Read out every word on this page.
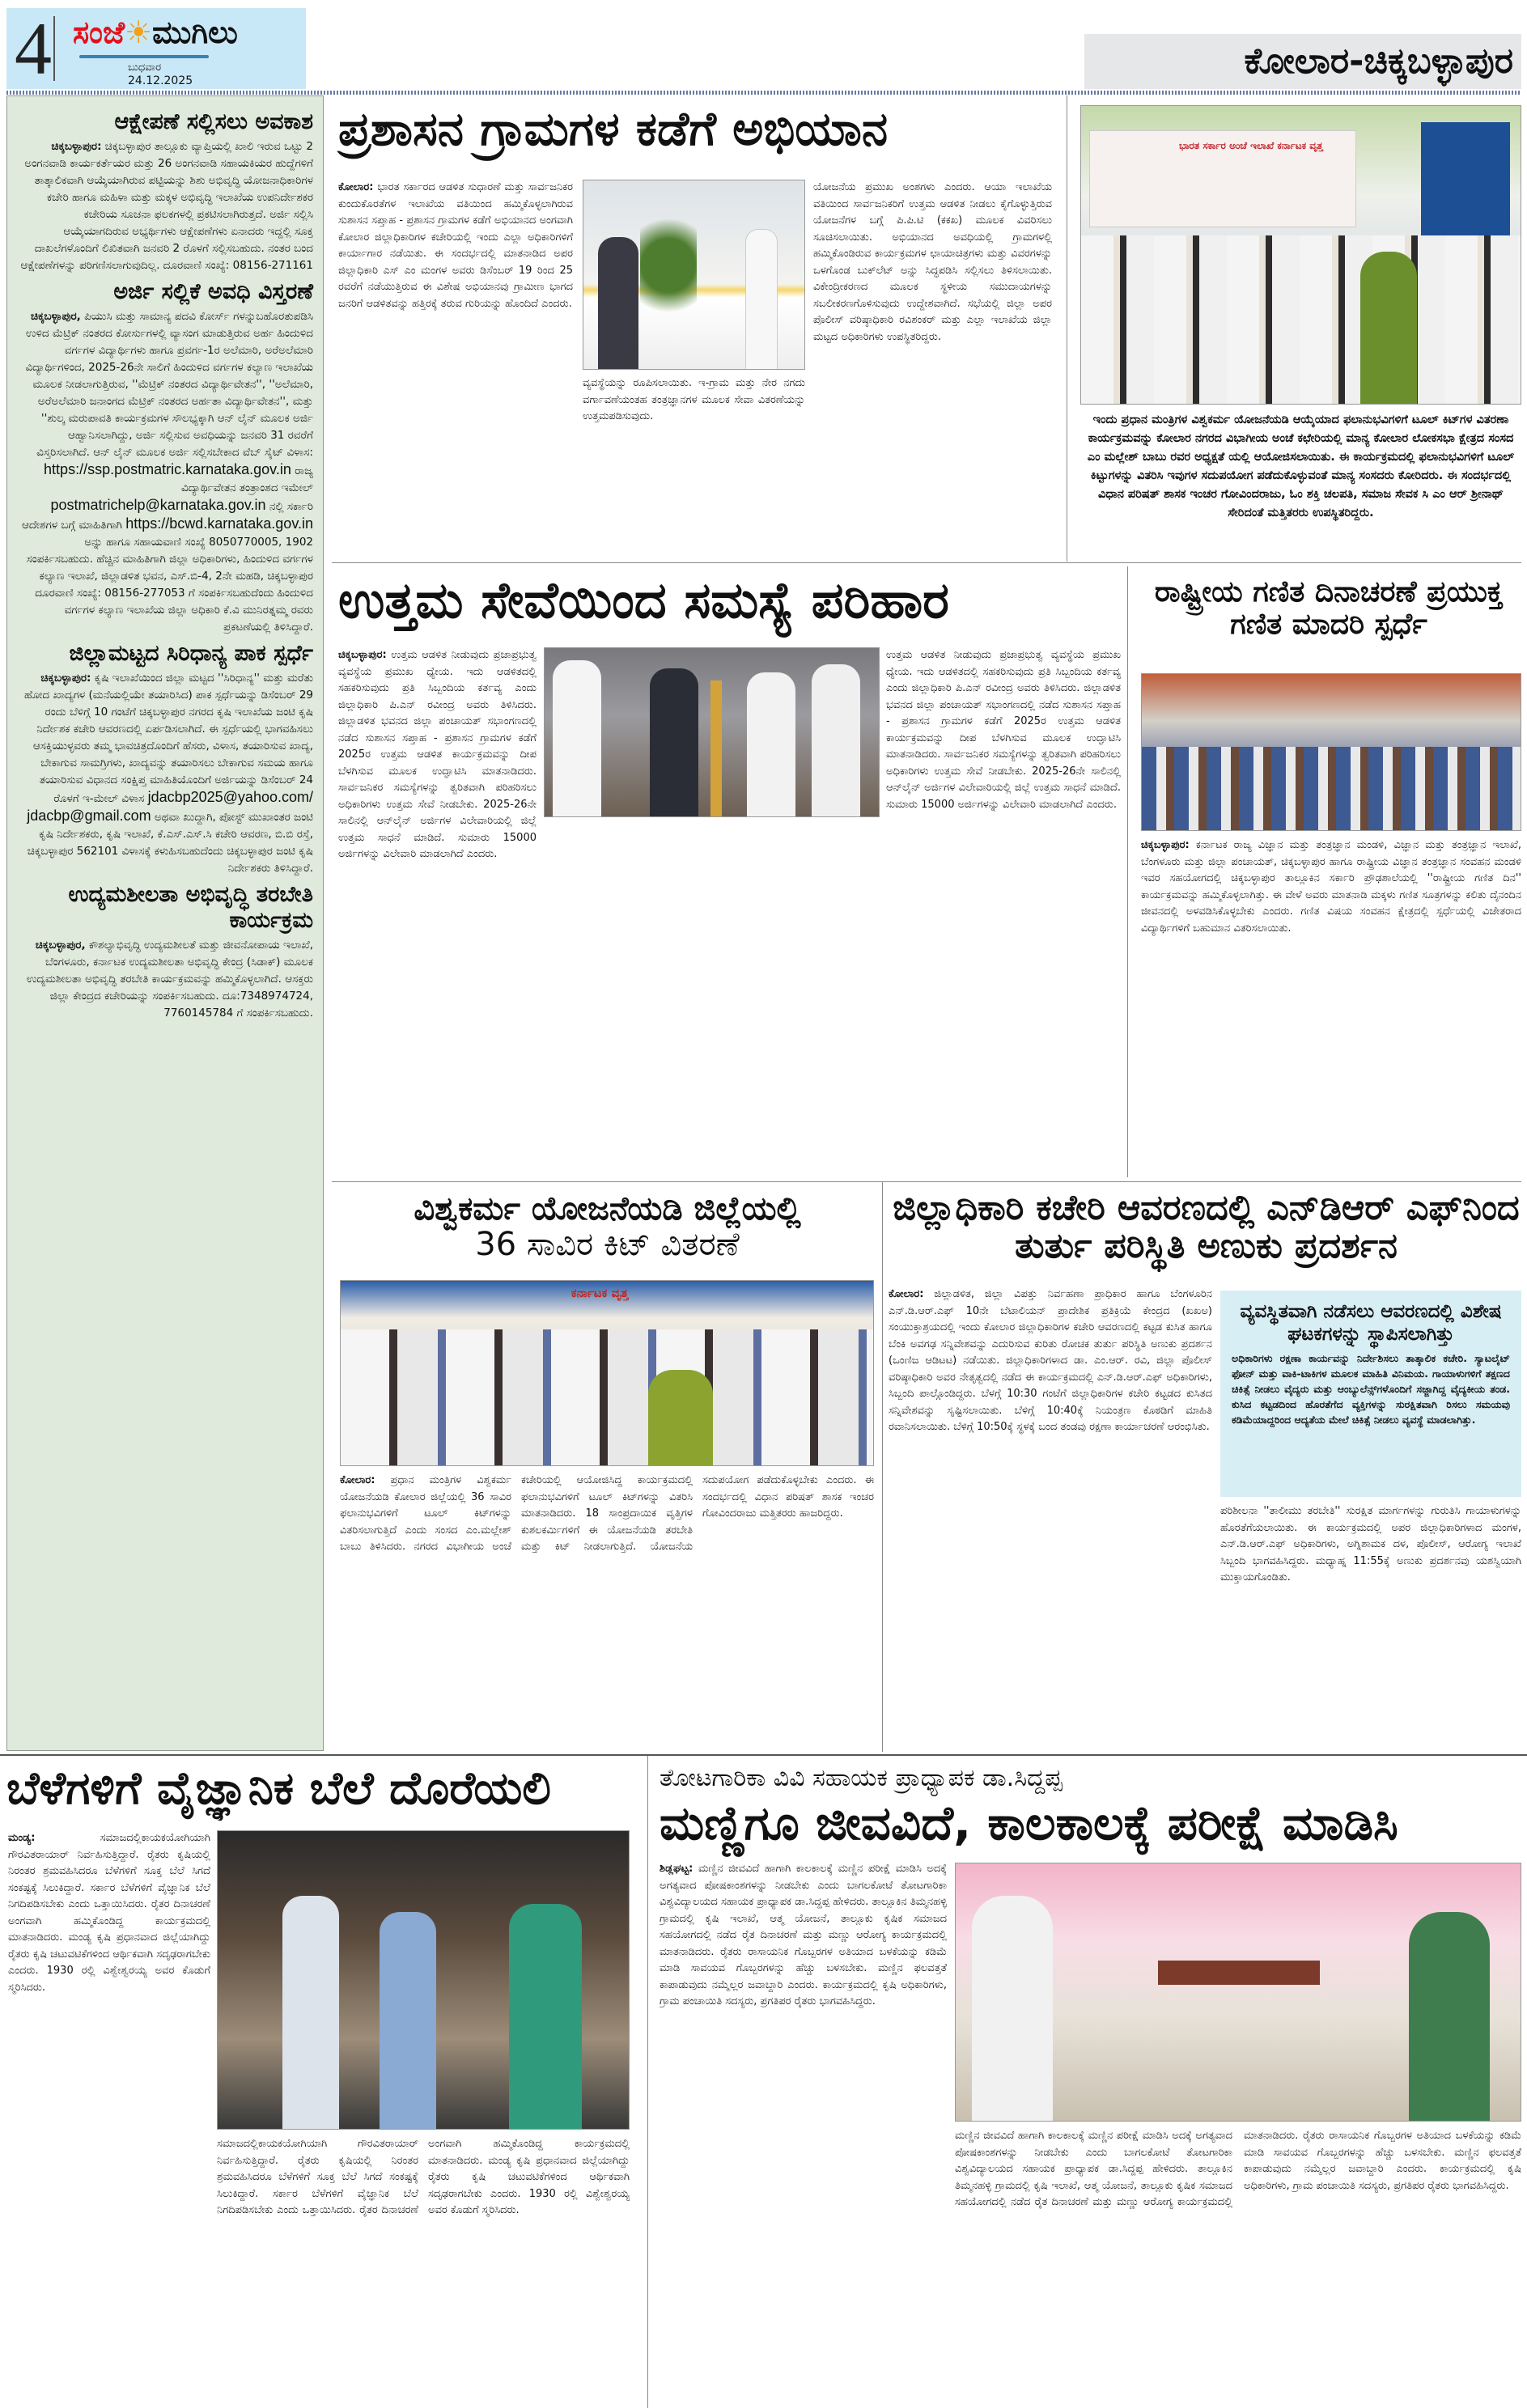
4 ಸಂಜೆ☀ಮುಗಿಲು
ಬುಧವಾರ
24.12.2025	ಕೋಲಾರ-ಚಿಕ್ಕಬಳ್ಳಾಪುರ
ಆಕ್ಷೇಪಣೆ ಸಲ್ಲಿಸಲು ಅವಕಾಶ

ಚಿಕ್ಕಬಳ್ಳಾಪುರ: ಚಿಕ್ಕಬಳ್ಳಾಪುರ ತಾಲ್ಲೂಕು ವ್ಯಾಪ್ತಿಯಲ್ಲಿ ಖಾಲಿ ಇರುವ ಒಟ್ಟು 2 ಅಂಗನವಾಡಿ ಕಾರ್ಯಕರ್ತೆಯರ ಮತ್ತು 26 ಅಂಗನವಾಡಿ ಸಹಾಯಕಿಯರ ಹುದ್ದೆಗಳಿಗೆ ತಾತ್ಕಾಲಿಕವಾಗಿ ಆಯ್ಕೆಯಾಗಿರುವ ಪಟ್ಟಿಯನ್ನು ಶಿಶು ಅಭಿವೃದ್ಧಿ ಯೋಜನಾಧಿಕಾರಿಗಳ ಕಚೇರಿ ಹಾಗೂ ಮಹಿಳಾ ಮತ್ತು ಮಕ್ಕಳ ಅಭಿವೃದ್ಧಿ ಇಲಾಖೆಯ ಉಪನಿರ್ದೇಶಕರ ಕಚೇರಿಯ ಸೂಚನಾ ಫಲಕಗಳಲ್ಲಿ ಪ್ರಕಟಿಸಲಾಗಿರುತ್ತದೆ. ಅರ್ಜಿ ಸಲ್ಲಿಸಿ ಆಯ್ಕೆಯಾಗದಿರುವ ಅಭ್ಯರ್ಥಿಗಳು ಆಕ್ಷೇಪಣೆಗಳು ಏನಾದರು ಇದ್ದಲ್ಲಿ ಸೂಕ್ತ ದಾಖಲೆಗಳೊಂದಿಗೆ ಲಿಖಿತವಾಗಿ ಜನವರಿ 2 ರೊಳಗೆ ಸಲ್ಲಿಸಬಹುದು. ನಂತರ ಬಂದ ಆಕ್ಷೇಪಣೆಗಳನ್ನು ಪರಿಗಣಿಸಲಾಗುವುದಿಲ್ಲ. ದೂರವಾಣಿ ಸಂಖ್ಯೆ: 08156-271161

ಅರ್ಜಿ ಸಲ್ಲಿಕೆ ಅವಧಿ ವಿಸ್ತರಣೆ

ಚಿಕ್ಕಬಳ್ಳಾಪುರ, ಪಿಯುಸಿ ಮತ್ತು ಸಾಮಾನ್ಯ ಪದವಿ ಕೋರ್ಸ್ ಗಳನ್ನುಬಹೊರತುಪಡಿಸಿ ಉಳಿದ ಮೆಟ್ರಿಕ್ ನಂತರದ ಕೋರ್ಸುಗಳಲ್ಲಿ ವ್ಯಾಸಂಗ ಮಾಡುತ್ತಿರುವ ಅರ್ಹ ಹಿಂದುಳಿದ ವರ್ಗಗಳ ವಿದ್ಯಾರ್ಥಿಗಳು ಹಾಗೂ ಪ್ರವರ್ಗ-1ರ ಅಲೆಮಾರಿ, ಅರೆಅಲೆಮಾರಿ ವಿದ್ಯಾರ್ಥಿಗಳಿಂದ, 2025-26ನೇ ಸಾಲಿಗೆ ಹಿಂದುಳಿದ ವರ್ಗಗಳ ಕಲ್ಯಾಣ ಇಲಾಖೆಯ ಮೂಲಕ ನೀಡಲಾಗುತ್ತಿರುವ, ''ಮೆಟ್ರಿಕ್ ನಂತರದ ವಿದ್ಯಾರ್ಥಿವೇತನ'', ''ಅಲೆಮಾರಿ, ಅರೆಅಲೆಮಾರಿ ಜನಾಂಗದ ಮೆಟ್ರಿಕ್ ನಂತರದ ಅರ್ಹತಾ ವಿದ್ಯಾರ್ಥಿವೇತನ'', ಮತ್ತು ''ಶುಲ್ಕ ಮರುಪಾವತಿ ಕಾರ್ಯಕ್ರಮಗಳ ಸೌಲಭ್ಯಕ್ಕಾಗಿ ಆನ್ ಲೈನ್ ಮೂಲಕ ಅರ್ಜಿ ಆಹ್ವಾನಿಸಲಾಗಿದ್ದು, ಅರ್ಜಿ ಸಲ್ಲಿಸುವ ಅವಧಿಯನ್ನು ಜನವರಿ 31 ರವರೆಗೆ ವಿಸ್ತರಿಸಲಾಗಿದೆ. ಆನ್ ಲೈನ್ ಮೂಲಕ ಅರ್ಜಿ ಸಲ್ಲಿಸಬೇಕಾದ ವೆಬ್ ಸೈಟ್ ವಿಳಾಸ: https://ssp.postmatric.karnataka.gov.in ರಾಜ್ಯ ವಿದ್ಯಾರ್ಥಿವೇತನ ತಂತ್ರಾಂಶದ ಇಮೇಲ್ postmatrichelp@karnataka.gov.in ನಲ್ಲಿ ಸರ್ಕಾರಿ ಆದೇಶಗಳ ಬಗ್ಗೆ ಮಾಹಿತಿಗಾಗಿ https://bcwd.karnataka.gov.in ಅನ್ನು ಹಾಗೂ ಸಹಾಯವಾಣಿ ಸಂಖ್ಯೆ 8050770005, 1902 ಸಂಪರ್ಕಿಸಬಹುದು. ಹೆಚ್ಚಿನ ಮಾಹಿತಿಗಾಗಿ ಜಿಲ್ಲಾ ಅಧಿಕಾರಿಗಳು, ಹಿಂದುಳಿದ ವರ್ಗಗಳ ಕಲ್ಯಾಣ ಇಲಾಖೆ, ಜಿಲ್ಲಾಡಳಿತ ಭವನ, ಎಸ್.ಬಿ-4, 2ನೇ ಮಹಡಿ, ಚಿಕ್ಕಬಳ್ಳಾಪುರ ದೂರವಾಣಿ ಸಂಖ್ಯೆ: 08156-277053 ಗೆ ಸಂಪರ್ಕಿಸಬಹುದೆಂದು ಹಿಂದುಳಿದ ವರ್ಗಗಳ ಕಲ್ಯಾಣ ಇಲಾಖೆಯ ಜಿಲ್ಲಾ ಅಧಿಕಾರಿ ಕೆ.ವಿ ಮುನಿರತ್ನಮ್ಮ ರವರು ಪ್ರಕಟಣೆಯಲ್ಲಿ ತಿಳಿಸಿದ್ದಾರೆ.

ಜಿಲ್ಲಾಮಟ್ಟದ ಸಿರಿಧಾನ್ಯ ಪಾಕ ಸ್ಪರ್ಧೆ

ಚಿಕ್ಕಬಳ್ಳಾಪುರ: ಕೃಷಿ ಇಲಾಖೆಯಿಂದ ಜಿಲ್ಲಾ ಮಟ್ಟದ ''ಸಿರಿಧಾನ್ಯ'' ಮತ್ತು ಮರೆತು ಹೋದ ಖಾದ್ಯಗಳ (ಮನೆಯಲ್ಲಿಯೇ ತಯಾರಿಸಿದ) ಪಾಕ ಸ್ಪರ್ಧೆಯನ್ನು ಡಿಸೆಂಬರ್ 29 ರಂದು ಬೆಳಿಗ್ಗೆ 10 ಗಂಟೆಗೆ ಚಿಕ್ಕಬಳ್ಳಾಪುರ ನಗರದ ಕೃಷಿ ಇಲಾಖೆಯ ಜಂಟಿ ಕೃಷಿ ನಿರ್ದೇಶಕ ಕಚೇರಿ ಆವರಣದಲ್ಲಿ ಏರ್ಪಡಿಸಲಾಗಿದೆ. ಈ ಸ್ಪರ್ಧೆಯಲ್ಲಿ ಭಾಗವಹಿಸಲು ಆಸಕ್ತಿಯುಳ್ಳವರು ತಮ್ಮ ಭಾವಚಿತ್ರದೊಂದಿಗೆ ಹೆಸರು, ವಿಳಾಸ, ತಯಾರಿಸುವ ಖಾದ್ಯ, ಬೇಕಾಗುವ ಸಾಮಗ್ರಿಗಳು, ಖಾದ್ಯವನ್ನು ತಯಾರಿಸಲು ಬೇಕಾಗುವ ಸಮಯ ಹಾಗೂ ತಯಾರಿಸುವ ವಿಧಾನದ ಸಂಕ್ಷಿಪ್ತ ಮಾಹಿತಿಯೊಂದಿಗೆ ಅರ್ಜಿಯನ್ನು ಡಿಸೆಂಬರ್ 24 ರೊಳಗೆ ಇ-ಮೇಲ್ ವಿಳಾಸ jdacbp2025@yahoo.com/ jdacbp@gmail.com ಅಥವಾ ಖುದ್ದಾಗಿ, ಪೋಸ್ಟ್ ಮುಖಾಂತರ ಜಂಟಿ ಕೃಷಿ ನಿರ್ದೇಶಕರು, ಕೃಷಿ ಇಲಾಖೆ, ಕೆ.ಎಸ್.ಎಸ್.ಸಿ ಕಚೇರಿ ಆವರಣ, ಬಿ.ಬಿ ರಸ್ತೆ, ಚಿಕ್ಕಬಳ್ಳಾಪುರ 562101 ವಿಳಾಸಕ್ಕೆ ಕಳುಹಿಸಬಹುದೆಂದು ಚಿಕ್ಕಬಳ್ಳಾಪುರ ಜಂಟಿ ಕೃಷಿ ನಿರ್ದೇಶಕರು ತಿಳಿಸಿದ್ದಾರೆ.

ಉದ್ಯಮಶೀಲತಾ ಅಭಿವೃದ್ಧಿ ತರಬೇತಿ ಕಾರ್ಯಕ್ರಮ

ಚಿಕ್ಕಬಳ್ಳಾಪುರ, ಕೌಶಲ್ಯಾಭಿವೃದ್ಧಿ ಉದ್ಯಮಶೀಲತೆ ಮತ್ತು ಜೀವನೋಪಾಯ ಇಲಾಖೆ, ಬೆಂಗಳೂರು, ಕರ್ನಾಟಕ ಉದ್ಯಮಶೀಲತಾ ಅಭಿವೃದ್ಧಿ ಕೇಂದ್ರ (ಸಿಡಾಕ್) ಮೂಲಕ ಉದ್ಯಮಶೀಲತಾ ಅಭಿವೃದ್ಧಿ ತರಬೇತಿ ಕಾರ್ಯಕ್ರಮವನ್ನು ಹಮ್ಮಿಕೊಳ್ಳಲಾಗಿದೆ. ಆಸಕ್ತರು ಜಿಲ್ಲಾ ಕೇಂದ್ರದ ಕಚೇರಿಯನ್ನು ಸಂಪರ್ಕಿಸಬಹುದು. ದೂ:7348974724, 7760145784 ಗೆ ಸಂಪರ್ಕಿಸಬಹುದು.

ಪ್ರಶಾಸನ ಗ್ರಾಮಗಳ ಕಡೆಗೆ ಅಭಿಯಾನ
ಕೋಲಾರ: ಭಾರತ ಸರ್ಕಾರದ ಆಡಳಿತ ಸುಧಾರಣೆ ಮತ್ತು ಸಾರ್ವಜನಿಕರ ಕುಂದುಕೊರತೆಗಳ ಇಲಾಖೆಯ ವತಿಯಿಂದ ಹಮ್ಮಿಕೊಳ್ಳಲಾಗಿರುವ ಸುಶಾಸನ ಸಪ್ತಾಹ - ಪ್ರಶಾಸನ ಗ್ರಾಮಗಳ ಕಡೆಗೆ ಅಭಿಯಾನದ ಅಂಗವಾಗಿ ಕೋಲಾರ ಜಿಲ್ಲಾಧಿಕಾರಿಗಳ ಕಚೇರಿಯಲ್ಲಿ ಇಂದು ಎಲ್ಲಾ ಅಧಿಕಾರಿಗಳಿಗೆ ಕಾರ್ಯಾಗಾರ ನಡೆಯಿತು. ಈ ಸಂದರ್ಭದಲ್ಲಿ ಮಾತನಾಡಿದ ಅಪರ ಜಿಲ್ಲಾಧಿಕಾರಿ ಎಸ್ ಎಂ ಮಂಗಳ ಅವರು ಡಿಸೆಂಬರ್ 19 ರಿಂದ 25 ರವರೆಗೆ ನಡೆಯುತ್ತಿರುವ ಈ ವಿಶೇಷ ಅಭಿಯಾನವು ಗ್ರಾಮೀಣ ಭಾಗದ ಜನರಿಗೆ ಆಡಳಿತವನ್ನು ಹತ್ತಿರಕ್ಕೆ ತರುವ ಗುರಿಯನ್ನು ಹೊಂದಿದೆ ಎಂದರು.
ವ್ಯವಸ್ಥೆಯನ್ನು ರೂಪಿಸಲಾಯಿತು. ಇ-ಗ್ರಾಮ ಮತ್ತು ನೇರ ನಗದು ವರ್ಗಾವಣೆಯಂತಹ ತಂತ್ರಜ್ಞಾನಗಳ ಮೂಲಕ ಸೇವಾ ವಿತರಣೆಯನ್ನು ಉತ್ತಮಪಡಿಸುವುದು.
ಯೋಜನೆಯ ಪ್ರಮುಖ ಅಂಶಗಳು ಎಂದರು. ಆಯಾ ಇಲಾಖೆಯ ವತಿಯಿಂದ ಸಾರ್ವಜನಿಕರಿಗೆ ಉತ್ತಮ ಆಡಳಿತ ನೀಡಲು ಕೈಗೊಳ್ಳುತ್ತಿರುವ ಯೋಜನೆಗಳ ಬಗ್ಗೆ ಪಿ.ಪಿ.ಟಿ (ಕಕಖ) ಮೂಲಕ ವಿವರಿಸಲು ಸೂಚಿಸಲಾಯಿತು. ಅಭಿಯಾನದ ಅವಧಿಯಲ್ಲಿ ಗ್ರಾಮಗಳಲ್ಲಿ ಹಮ್ಮಿಕೊಂಡಿರುವ ಕಾರ್ಯಕ್ರಮಗಳ ಛಾಯಾಚಿತ್ರಗಳು ಮತ್ತು ವಿವರಗಳನ್ನು ಒಳಗೊಂಡ ಬುಕ್‌ಲೆಟ್ ಅನ್ನು ಸಿದ್ಧಪಡಿಸಿ ಸಲ್ಲಿಸಲು ತಿಳಿಸಲಾಯಿತು. ವಿಕೇಂದ್ರೀಕರಣದ ಮೂಲಕ ಸ್ಥಳೀಯ ಸಮುದಾಯಗಳನ್ನು ಸಬಲೀಕರಣಗೊಳಿಸುವುದು ಉದ್ದೇಶವಾಗಿದೆ. ಸಭೆಯಲ್ಲಿ ಜಿಲ್ಲಾ ಅಪರ ಪೊಲೀಸ್ ವರಿಷ್ಠಾಧಿಕಾರಿ ರವಿಶಂಕರ್ ಮತ್ತು ಎಲ್ಲಾ ಇಲಾಖೆಯ ಜಿಲ್ಲಾ ಮಟ್ಟದ ಅಧಿಕಾರಿಗಳು ಉಪಸ್ಥಿತರಿದ್ದರು.
ಭಾರತ ಸರ್ಕಾರ ಅಂಚೆ ಇಲಾಖೆ ಕರ್ನಾಟಕ ವೃತ್ತ
ಇಂದು ಪ್ರಧಾನ ಮಂತ್ರಿಗಳ ವಿಶ್ವಕರ್ಮ ಯೋಜನೆಯಡಿ ಆಯ್ಕೆಯಾದ ಫಲಾನುಭವಿಗಳಿಗೆ ಟೂಲ್ ಕಿಟ್‌ಗಳ ವಿತರಣಾ ಕಾರ್ಯಕ್ರಮವನ್ನು ಕೋಲಾರ ನಗರದ ವಿಭಾಗೀಯ ಅಂಚೆ ಕಛೇರಿಯಲ್ಲಿ ಮಾನ್ಯ ಕೋಲಾರ ಲೋಕಸಭಾ ಕ್ಷೇತ್ರದ ಸಂಸದ ಎಂ ಮಲ್ಲೇಶ್ ಬಾಬು ರವರ ಅಧ್ಯಕ್ಷತೆ ಯಲ್ಲಿ ಆಯೋಜಿಸಲಾಯಿತು. ಈ ಕಾರ್ಯಕ್ರಮದಲ್ಲಿ ಫಲಾನುಭವಿಗಳಿಗೆ ಟೂಲ್ ಕಿಟ್ಟುಗಳನ್ನು ವಿತರಿಸಿ ಇವುಗಳ ಸದುಪಯೋಗ ಪಡೆದುಕೊಳ್ಳುವಂತೆ ಮಾನ್ಯ ಸಂಸದರು ಕೋರಿದರು. ಈ ಸಂದರ್ಭದಲ್ಲಿ ವಿಧಾನ ಪರಿಷತ್ ಶಾಸಕ ಇಂಚರ ಗೋವಿಂದರಾಜು, ಓಂ ಶಕ್ತಿ ಚಲಪತಿ, ಸಮಾಜ ಸೇವಕ ಸಿ ಎಂ ಆರ್ ಶ್ರೀನಾಥ್ ಸೇರಿದಂತೆ ಮತ್ತಿತರರು ಉಪಸ್ಥಿತರಿದ್ದರು.
ಉತ್ತಮ ಸೇವೆಯಿಂದ ಸಮಸ್ಯೆ ಪರಿಹಾರ
ಚಿಕ್ಕಬಳ್ಳಾಪುರ: ಉತ್ತಮ ಆಡಳಿತ ನೀಡುವುದು ಪ್ರಜಾಪ್ರಭುತ್ವ ವ್ಯವಸ್ಥೆಯ ಪ್ರಮುಖ ಧ್ಯೇಯ. ಇದು ಆಡಳಿತದಲ್ಲಿ ಸಹಕರಿಸುವುದು ಪ್ರತಿ ಸಿಬ್ಬಂದಿಯ ಕರ್ತವ್ಯ ಎಂದು ಜಿಲ್ಲಾಧಿಕಾರಿ ಪಿ.ಎನ್ ರವೀಂದ್ರ ಅವರು ತಿಳಿಸಿದರು. ಜಿಲ್ಲಾಡಳಿತ ಭವನದ ಜಿಲ್ಲಾ ಪಂಚಾಯತ್ ಸಭಾಂಗಣದಲ್ಲಿ ನಡೆದ ಸುಶಾಸನ ಸಪ್ತಾಹ - ಪ್ರಶಾಸನ ಗ್ರಾಮಗಳ ಕಡೆಗೆ 2025ರ ಉತ್ತಮ ಆಡಳಿತ ಕಾರ್ಯಕ್ರಮವನ್ನು ದೀಪ ಬೆಳಗಿಸುವ ಮೂಲಕ ಉದ್ಘಾಟಿಸಿ ಮಾತನಾಡಿದರು. ಸಾರ್ವಜನಿಕರ ಸಮಸ್ಯೆಗಳನ್ನು ತ್ವರಿತವಾಗಿ ಪರಿಹರಿಸಲು ಅಧಿಕಾರಿಗಳು ಉತ್ತಮ ಸೇವೆ ನೀಡಬೇಕು. 2025-26ನೇ ಸಾಲಿನಲ್ಲಿ ಆನ್‌ಲೈನ್ ಅರ್ಜಿಗಳ ವಿಲೇವಾರಿಯಲ್ಲಿ ಜಿಲ್ಲೆ ಉತ್ತಮ ಸಾಧನೆ ಮಾಡಿದೆ. ಸುಮಾರು 15000 ಅರ್ಜಿಗಳನ್ನು ವಿಲೇವಾರಿ ಮಾಡಲಾಗಿದೆ ಎಂದರು.
ಉತ್ತಮ ಆಡಳಿತ ನೀಡುವುದು ಪ್ರಜಾಪ್ರಭುತ್ವ ವ್ಯವಸ್ಥೆಯ ಪ್ರಮುಖ ಧ್ಯೇಯ. ಇದು ಆಡಳಿತದಲ್ಲಿ ಸಹಕರಿಸುವುದು ಪ್ರತಿ ಸಿಬ್ಬಂದಿಯ ಕರ್ತವ್ಯ ಎಂದು ಜಿಲ್ಲಾಧಿಕಾರಿ ಪಿ.ಎನ್ ರವೀಂದ್ರ ಅವರು ತಿಳಿಸಿದರು. ಜಿಲ್ಲಾಡಳಿತ ಭವನದ ಜಿಲ್ಲಾ ಪಂಚಾಯತ್ ಸಭಾಂಗಣದಲ್ಲಿ ನಡೆದ ಸುಶಾಸನ ಸಪ್ತಾಹ - ಪ್ರಶಾಸನ ಗ್ರಾಮಗಳ ಕಡೆಗೆ 2025ರ ಉತ್ತಮ ಆಡಳಿತ ಕಾರ್ಯಕ್ರಮವನ್ನು ದೀಪ ಬೆಳಗಿಸುವ ಮೂಲಕ ಉದ್ಘಾಟಿಸಿ ಮಾತನಾಡಿದರು. ಸಾರ್ವಜನಿಕರ ಸಮಸ್ಯೆಗಳನ್ನು ತ್ವರಿತವಾಗಿ ಪರಿಹರಿಸಲು ಅಧಿಕಾರಿಗಳು ಉತ್ತಮ ಸೇವೆ ನೀಡಬೇಕು. 2025-26ನೇ ಸಾಲಿನಲ್ಲಿ ಆನ್‌ಲೈನ್ ಅರ್ಜಿಗಳ ವಿಲೇವಾರಿಯಲ್ಲಿ ಜಿಲ್ಲೆ ಉತ್ತಮ ಸಾಧನೆ ಮಾಡಿದೆ. ಸುಮಾರು 15000 ಅರ್ಜಿಗಳನ್ನು ವಿಲೇವಾರಿ ಮಾಡಲಾಗಿದೆ ಎಂದರು.
ರಾಷ್ಟ್ರೀಯ ಗಣಿತ ದಿನಾಚರಣೆ ಪ್ರಯುಕ್ತ ಗಣಿತ ಮಾದರಿ ಸ್ಪರ್ಧೆ
ಚಿಕ್ಕಬಳ್ಳಾಪುರ: ಕರ್ನಾಟಕ ರಾಜ್ಯ ವಿಜ್ಞಾನ ಮತ್ತು ತಂತ್ರಜ್ಞಾನ ಮಂಡಳಿ, ವಿಜ್ಞಾನ ಮತ್ತು ತಂತ್ರಜ್ಞಾನ ಇಲಾಖೆ, ಬೆಂಗಳೂರು ಮತ್ತು ಜಿಲ್ಲಾ ಪಂಚಾಯತ್, ಚಿಕ್ಕಬಳ್ಳಾಪುರ ಹಾಗೂ ರಾಷ್ಟ್ರೀಯ ವಿಜ್ಞಾನ ತಂತ್ರಜ್ಞಾನ ಸಂವಹನ ಮಂಡಳಿ ಇವರ ಸಹಯೋಗದಲ್ಲಿ ಚಿಕ್ಕಬಳ್ಳಾಪುರ ತಾಲ್ಲೂಕಿನ ಸರ್ಕಾರಿ ಪ್ರೌಢಶಾಲೆಯಲ್ಲಿ ''ರಾಷ್ಟ್ರೀಯ ಗಣಿತ ದಿನ'' ಕಾರ್ಯಕ್ರಮವನ್ನು ಹಮ್ಮಿಕೊಳ್ಳಲಾಗಿತ್ತು. ಈ ವೇಳೆ ಅವರು ಮಾತನಾಡಿ ಮಕ್ಕಳು ಗಣಿತ ಸೂತ್ರಗಳನ್ನು ಕಲಿತು ದೈನಂದಿನ ಜೀವನದಲ್ಲಿ ಅಳವಡಿಸಿಕೊಳ್ಳಬೇಕು ಎಂದರು. ಗಣಿತ ವಿಷಯ ಸಂವಹನ ಕ್ಷೇತ್ರದಲ್ಲಿ ಸ್ಪರ್ಧೆಯಲ್ಲಿ ವಿಜೇತರಾದ ವಿದ್ಯಾರ್ಥಿಗಳಿಗೆ ಬಹುಮಾನ ವಿತರಿಸಲಾಯಿತು.
ವಿಶ್ವಕರ್ಮ ಯೋಜನೆಯಡಿ ಜಿಲ್ಲೆಯಲ್ಲಿ
36 ಸಾವಿರ ಕಿಟ್ ವಿತರಣೆ
ಕರ್ನಾಟಕ ವೃತ್ತ
ಕೋಲಾರ: ಪ್ರಧಾನ ಮಂತ್ರಿಗಳ ವಿಶ್ವಕರ್ಮ ಯೋಜನೆಯಡಿ ಕೋಲಾರ ಜಿಲ್ಲೆಯಲ್ಲಿ 36 ಸಾವಿರ ಫಲಾನುಭವಿಗಳಿಗೆ ಟೂಲ್ ಕಿಟ್‌ಗಳನ್ನು ವಿತರಿಸಲಾಗುತ್ತಿದೆ ಎಂದು ಸಂಸದ ಎಂ.ಮಲ್ಲೇಶ್ ಬಾಬು ತಿಳಿಸಿದರು. ನಗರದ ವಿಭಾಗೀಯ ಅಂಚೆ ಕಚೇರಿಯಲ್ಲಿ ಆಯೋಜಿಸಿದ್ದ ಕಾರ್ಯಕ್ರಮದಲ್ಲಿ ಫಲಾನುಭವಿಗಳಿಗೆ ಟೂಲ್ ಕಿಟ್‌ಗಳನ್ನು ವಿತರಿಸಿ ಮಾತನಾಡಿದರು. 18 ಸಾಂಪ್ರದಾಯಿಕ ವೃತ್ತಿಗಳ ಕುಶಲಕರ್ಮಿಗಳಿಗೆ ಈ ಯೋಜನೆಯಡಿ ತರಬೇತಿ ಮತ್ತು ಕಿಟ್ ನೀಡಲಾಗುತ್ತಿದೆ. ಯೋಜನೆಯ ಸದುಪಯೋಗ ಪಡೆದುಕೊಳ್ಳಬೇಕು ಎಂದರು. ಈ ಸಂದರ್ಭದಲ್ಲಿ ವಿಧಾನ ಪರಿಷತ್ ಶಾಸಕ ಇಂಚರ ಗೋವಿಂದರಾಜು ಮತ್ತಿತರರು ಹಾಜರಿದ್ದರು.
ಜಿಲ್ಲಾಧಿಕಾರಿ ಕಚೇರಿ ಆವರಣದಲ್ಲಿ ಎನ್‌ಡಿಆರ್ ಎಫ್‌ನಿಂದ ತುರ್ತು ಪರಿಸ್ಥಿತಿ ಅಣುಕು ಪ್ರದರ್ಶನ
ಕೋಲಾರ: ಜಿಲ್ಲಾಡಳಿತ, ಜಿಲ್ಲಾ ವಿಪತ್ತು ನಿರ್ವಹಣಾ ಪ್ರಾಧಿಕಾರ ಹಾಗೂ ಬೆಂಗಳೂರಿನ ಎನ್.ಡಿ.ಆರ್.ಎಫ್ 10ನೇ ಬೆಟಾಲಿಯನ್ ಪ್ರಾದೇಶಿಕ ಪ್ರತಿಕ್ರಿಯೆ ಕೇಂದ್ರದ (ಖಖಅ) ಸಂಯುಕ್ತಾಶ್ರಯದಲ್ಲಿ ಇಂದು ಕೋಲಾರ ಜಿಲ್ಲಾಧಿಕಾರಿಗಳ ಕಚೇರಿ ಆವರಣದಲ್ಲಿ ಕಟ್ಟಡ ಕುಸಿತ ಹಾಗೂ ಬೆಂಕಿ ಅವಗಢ ಸನ್ನಿವೇಶವನ್ನು ಎದುರಿಸುವ ಕುರಿತು ರೋಚಕ ತುರ್ತು ಪರಿಸ್ಥಿತಿ ಅಣುಕು ಪ್ರದರ್ಶನ (ಒಂಣಿಜ ಆಡಿಟಟ) ನಡೆಯಿತು. ಜಿಲ್ಲಾಧಿಕಾರಿಗಳಾದ ಡಾ. ಎಂ.ಆರ್. ರವಿ, ಜಿಲ್ಲಾ ಪೊಲೀಸ್ ವರಿಷ್ಠಾಧಿಕಾರಿ ಅವರ ನೇತೃತ್ವದಲ್ಲಿ ನಡೆದ ಈ ಕಾರ್ಯಕ್ರಮದಲ್ಲಿ ಎನ್.ಡಿ.ಆರ್.ಎಫ್ ಅಧಿಕಾರಿಗಳು, ಸಿಬ್ಬಂದಿ ಪಾಲ್ಗೊಂಡಿದ್ದರು. ಬೆಳಗ್ಗೆ 10:30 ಗಂಟೆಗೆ ಜಿಲ್ಲಾಧಿಕಾರಿಗಳ ಕಚೇರಿ ಕಟ್ಟಡದ ಕುಸಿತದ ಸನ್ನಿವೇಶವನ್ನು ಸೃಷ್ಟಿಸಲಾಯಿತು. ಬೆಳಿಗ್ಗೆ 10:40ಕ್ಕೆ ನಿಯಂತ್ರಣ ಕೊಠಡಿಗೆ ಮಾಹಿತಿ ರವಾನಿಸಲಾಯಿತು. ಬೆಳಿಗ್ಗೆ 10:50ಕ್ಕೆ ಸ್ಥಳಕ್ಕೆ ಬಂದ ತಂಡವು ರಕ್ಷಣಾ ಕಾರ್ಯಾಚರಣೆ ಆರಂಭಿಸಿತು.
ವ್ಯವಸ್ಥಿತವಾಗಿ ನಡೆಸಲು ಆವರಣದಲ್ಲಿ ವಿಶೇಷ ಘಟಕಗಳನ್ನು ಸ್ಥಾಪಿಸಲಾಗಿತ್ತು
ಅಧಿಕಾರಿಗಳು ರಕ್ಷಣಾ ಕಾರ್ಯವನ್ನು ನಿರ್ದೇಶಿಸಲು ತಾತ್ಕಾಲಿಕ ಕಚೇರಿ. ಸ್ಯಾಟಲೈಟ್ ಫೋನ್ ಮತ್ತು ವಾಕಿ-ಟಾಕಿಗಳ ಮೂಲಕ ಮಾಹಿತಿ ವಿನಿಮಯ. ಗಾಯಾಳುಗಳಿಗೆ ತಕ್ಷಣದ ಚಿಕಿತ್ಸೆ ನೀಡಲು ವೈದ್ಯರು ಮತ್ತು ಆಂಬ್ಯುಲೆನ್ಸ್‌ಗಳೊಂದಿಗೆ ಸಜ್ಜಾಗಿದ್ದ ವೈದ್ಯಕೀಯ ತಂಡ. ಕುಸಿದ ಕಟ್ಟಡದಿಂದ ಹೊರತೆಗೆದ ವ್ಯಕ್ತಿಗಳನ್ನು ಸುರಕ್ಷಿತವಾಗಿ ರಿಸಲು ಸಮಯವು ಕಡಿಮೆಯಾದ್ದರಿಂದ ಆದ್ಯತೆಯ ಮೇಲೆ ಚಿಕಿತ್ಸೆ ನೀಡಲು ವ್ಯವಸ್ಥೆ ಮಾಡಲಾಗಿತ್ತು.
ಪರಿಶೀಲನಾ ''ತಾಲೀಮು ತರಬೇತಿ'' ಸುರಕ್ಷಿತ ಮಾರ್ಗಗಳನ್ನು ಗುರುತಿಸಿ ಗಾಯಾಳುಗಳನ್ನು ಹೊರತೆಗೆಯಲಾಯಿತು. ಈ ಕಾರ್ಯಕ್ರಮದಲ್ಲಿ ಅಪರ ಜಿಲ್ಲಾಧಿಕಾರಿಗಳಾದ ಮಂಗಳ, ಎನ್.ಡಿ.ಆರ್.ಎಫ್ ಅಧಿಕಾರಿಗಳು, ಅಗ್ನಿಶಾಮಕ ದಳ, ಪೊಲೀಸ್, ಆರೋಗ್ಯ ಇಲಾಖೆ ಸಿಬ್ಬಂದಿ ಭಾಗವಹಿಸಿದ್ದರು. ಮಧ್ಯಾಹ್ನ 11:55ಕ್ಕೆ ಅಣುಕು ಪ್ರದರ್ಶನವು ಯಶಸ್ವಿಯಾಗಿ ಮುಕ್ತಾಯಗೊಂಡಿತು.
ಬೆಳೆಗಳಿಗೆ ವೈಜ್ಞಾನಿಕ ಬೆಲೆ ದೊರೆಯಲಿ
ಮಂಡ್ಯ:	ಸಮಾಜದಲ್ಲಿಕಾಯಕಯೋಗಿಯಾಗಿ ಗೌರವಿತರಾಯಾರ್ ನಿರ್ವಹಿಸುತ್ತಿದ್ದಾರೆ. ರೈತರು ಕೃಷಿಯಲ್ಲಿ ನಿರಂತರ ಶ್ರಮವಹಿಸಿದರೂ ಬೆಳೆಗಳಿಗೆ ಸೂಕ್ತ ಬೆಲೆ ಸಿಗದೆ ಸಂಕಷ್ಟಕ್ಕೆ ಸಿಲುಕಿದ್ದಾರೆ. ಸರ್ಕಾರ ಬೆಳೆಗಳಿಗೆ ವೈಜ್ಞಾನಿಕ ಬೆಲೆ ನಿಗದಿಪಡಿಸಬೇಕು ಎಂದು ಒತ್ತಾಯಿಸಿದರು. ರೈತರ ದಿನಾಚರಣೆ ಅಂಗವಾಗಿ ಹಮ್ಮಿಕೊಂಡಿದ್ದ ಕಾರ್ಯಕ್ರಮದಲ್ಲಿ ಮಾತನಾಡಿದರು. ಮಂಡ್ಯ ಕೃಷಿ ಪ್ರಧಾನವಾದ ಜಿಲ್ಲೆಯಾಗಿದ್ದು ರೈತರು ಕೃಷಿ ಚಟುವಟಿಕೆಗಳಿಂದ ಆರ್ಥಿಕವಾಗಿ ಸದೃಢರಾಗಬೇಕು ಎಂದರು. 1930 ರಲ್ಲಿ ವಿಶ್ವೇಶ್ವರಯ್ಯ ಅವರ ಕೊಡುಗೆ ಸ್ಮರಿಸಿದರು.
ಸಮಾಜದಲ್ಲಿಕಾಯಕಯೋಗಿಯಾಗಿ ಗೌರವಿತರಾಯಾರ್ ನಿರ್ವಹಿಸುತ್ತಿದ್ದಾರೆ. ರೈತರು ಕೃಷಿಯಲ್ಲಿ ನಿರಂತರ ಶ್ರಮವಹಿಸಿದರೂ ಬೆಳೆಗಳಿಗೆ ಸೂಕ್ತ ಬೆಲೆ ಸಿಗದೆ ಸಂಕಷ್ಟಕ್ಕೆ ಸಿಲುಕಿದ್ದಾರೆ. ಸರ್ಕಾರ ಬೆಳೆಗಳಿಗೆ ವೈಜ್ಞಾನಿಕ ಬೆಲೆ ನಿಗದಿಪಡಿಸಬೇಕು ಎಂದು ಒತ್ತಾಯಿಸಿದರು. ರೈತರ ದಿನಾಚರಣೆ ಅಂಗವಾಗಿ ಹಮ್ಮಿಕೊಂಡಿದ್ದ ಕಾರ್ಯಕ್ರಮದಲ್ಲಿ ಮಾತನಾಡಿದರು. ಮಂಡ್ಯ ಕೃಷಿ ಪ್ರಧಾನವಾದ ಜಿಲ್ಲೆಯಾಗಿದ್ದು ರೈತರು ಕೃಷಿ ಚಟುವಟಿಕೆಗಳಿಂದ ಆರ್ಥಿಕವಾಗಿ ಸದೃಢರಾಗಬೇಕು ಎಂದರು. 1930 ರಲ್ಲಿ ವಿಶ್ವೇಶ್ವರಯ್ಯ ಅವರ ಕೊಡುಗೆ ಸ್ಮರಿಸಿದರು.
ತೋಟಗಾರಿಕಾ ವಿವಿ ಸಹಾಯಕ ಪ್ರಾಧ್ಯಾಪಕ ಡಾ.ಸಿದ್ದಪ್ಪ
ಮಣ್ಣಿಗೂ ಜೀವವಿದೆ, ಕಾಲಕಾಲಕ್ಕೆ ಪರೀಕ್ಷೆ ಮಾಡಿಸಿ
ಶಿಡ್ಲಘಟ್ಟ: ಮಣ್ಣಿನ ಜೀವವಿದೆ ಹಾಗಾಗಿ ಕಾಲಕಾಲಕ್ಕೆ ಮಣ್ಣಿನ ಪರೀಕ್ಷೆ ಮಾಡಿಸಿ ಅದಕ್ಕೆ ಅಗತ್ಯವಾದ ಪೋಷಕಾಂಶಗಳನ್ನು ನೀಡಬೇಕು ಎಂದು ಬಾಗಲಕೋಟೆ ತೋಟಗಾರಿಕಾ ವಿಶ್ವವಿದ್ಯಾಲಯದ ಸಹಾಯಕ ಪ್ರಾಧ್ಯಾಪಕ ಡಾ.ಸಿದ್ದಪ್ಪ ಹೇಳಿದರು. ತಾಲ್ಲೂಕಿನ ತಿಮ್ಮನಹಳ್ಳಿ ಗ್ರಾಮದಲ್ಲಿ ಕೃಷಿ ಇಲಾಖೆ, ಆತ್ಮ ಯೋಜನೆ, ತಾಲ್ಲೂಕು ಕೃಷಿಕ ಸಮಾಜದ ಸಹಯೋಗದಲ್ಲಿ ನಡೆದ ರೈತ ದಿನಾಚರಣೆ ಮತ್ತು ಮಣ್ಣು ಆರೋಗ್ಯ ಕಾರ್ಯಕ್ರಮದಲ್ಲಿ ಮಾತನಾಡಿದರು. ರೈತರು ರಾಸಾಯನಿಕ ಗೊಬ್ಬರಗಳ ಅತಿಯಾದ ಬಳಕೆಯನ್ನು ಕಡಿಮೆ ಮಾಡಿ ಸಾವಯವ ಗೊಬ್ಬರಗಳನ್ನು ಹೆಚ್ಚು ಬಳಸಬೇಕು. ಮಣ್ಣಿನ ಫಲವತ್ತತೆ ಕಾಪಾಡುವುದು ನಮ್ಮೆಲ್ಲರ ಜವಾಬ್ದಾರಿ ಎಂದರು. ಕಾರ್ಯಕ್ರಮದಲ್ಲಿ ಕೃಷಿ ಅಧಿಕಾರಿಗಳು, ಗ್ರಾಮ ಪಂಚಾಯಿತಿ ಸದಸ್ಯರು, ಪ್ರಗತಿಪರ ರೈತರು ಭಾಗವಹಿಸಿದ್ದರು.
ಮಣ್ಣಿನ ಜೀವವಿದೆ ಹಾಗಾಗಿ ಕಾಲಕಾಲಕ್ಕೆ ಮಣ್ಣಿನ ಪರೀಕ್ಷೆ ಮಾಡಿಸಿ ಅದಕ್ಕೆ ಅಗತ್ಯವಾದ ಪೋಷಕಾಂಶಗಳನ್ನು ನೀಡಬೇಕು ಎಂದು ಬಾಗಲಕೋಟೆ ತೋಟಗಾರಿಕಾ ವಿಶ್ವವಿದ್ಯಾಲಯದ ಸಹಾಯಕ ಪ್ರಾಧ್ಯಾಪಕ ಡಾ.ಸಿದ್ದಪ್ಪ ಹೇಳಿದರು. ತಾಲ್ಲೂಕಿನ ತಿಮ್ಮನಹಳ್ಳಿ ಗ್ರಾಮದಲ್ಲಿ ಕೃಷಿ ಇಲಾಖೆ, ಆತ್ಮ ಯೋಜನೆ, ತಾಲ್ಲೂಕು ಕೃಷಿಕ ಸಮಾಜದ ಸಹಯೋಗದಲ್ಲಿ ನಡೆದ ರೈತ ದಿನಾಚರಣೆ ಮತ್ತು ಮಣ್ಣು ಆರೋಗ್ಯ ಕಾರ್ಯಕ್ರಮದಲ್ಲಿ ಮಾತನಾಡಿದರು. ರೈತರು ರಾಸಾಯನಿಕ ಗೊಬ್ಬರಗಳ ಅತಿಯಾದ ಬಳಕೆಯನ್ನು ಕಡಿಮೆ ಮಾಡಿ ಸಾವಯವ ಗೊಬ್ಬರಗಳನ್ನು ಹೆಚ್ಚು ಬಳಸಬೇಕು. ಮಣ್ಣಿನ ಫಲವತ್ತತೆ ಕಾಪಾಡುವುದು ನಮ್ಮೆಲ್ಲರ ಜವಾಬ್ದಾರಿ ಎಂದರು. ಕಾರ್ಯಕ್ರಮದಲ್ಲಿ ಕೃಷಿ ಅಧಿಕಾರಿಗಳು, ಗ್ರಾಮ ಪಂಚಾಯಿತಿ ಸದಸ್ಯರು, ಪ್ರಗತಿಪರ ರೈತರು ಭಾಗವಹಿಸಿದ್ದರು.
